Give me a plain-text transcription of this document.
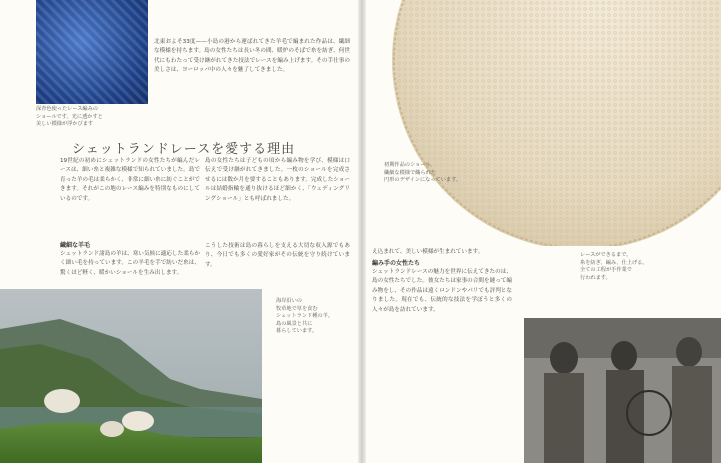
深青色使ったレース編みの
ショールです。光に透かすと
美しい模様が浮かびます
北東およそ33度——小島の港から運ばれてきた羊毛で編まれた作品は、繊細な模様を持ちます。島の女性たちは長い冬の間、暖炉のそばで糸を紡ぎ、何世代にもわたって受け継がれてきた技法でレースを編み上げます。その手仕事の美しさは、ヨーロッパ中の人々を魅了してきました。
初期作品のショール。
繊細な模様で織られた
円形のデザインになっています。
シェットランドレースを愛する理由
19世紀の初めにシェットランドの女性たちが編んだレースは、細い糸と複雑な模様で知られていました。島で育った羊の毛は柔らかく、非常に細い糸に紡ぐことができます。それがこの地のレース編みを特別なものにしているのです。
繊細な羊毛
シェットランド諸島の羊は、寒い気候に適応した柔らかく細い毛を持っています。この羊毛を手で紡いだ糸は、驚くほど軽く、暖かいショールを生み出します。
島の女性たちは子どもの頃から編み物を学び、模様は口伝えで受け継がれてきました。一枚のショールを完成させるには数か月を要することもあります。完成したショールは結婚指輪を通り抜けるほど細かく、「ウェディングリングショール」とも呼ばれました。
こうした技術は島の暮らしを支える大切な収入源でもあり、今日でも多くの愛好家がその伝統を守り続けています。
海岸沿いの
牧草地で草を食む
シェットランド種の羊。
島の風景と共に
暮らしています。
え込まれて、美しい模様が生まれています。
編み手の女性たち
シェットランドレースの魅力を世界に伝えてきたのは、島の女性たちでした。彼女たちは家事の合間を縫って編み物をし、その作品は遠くロンドンやパリでも評判となりました。現在でも、伝統的な技法を学ぼうと多くの人々が島を訪れています。
レースができるまで。
糸を紡ぎ、編み、仕上げる。
全ての工程が手作業で
行われます。
